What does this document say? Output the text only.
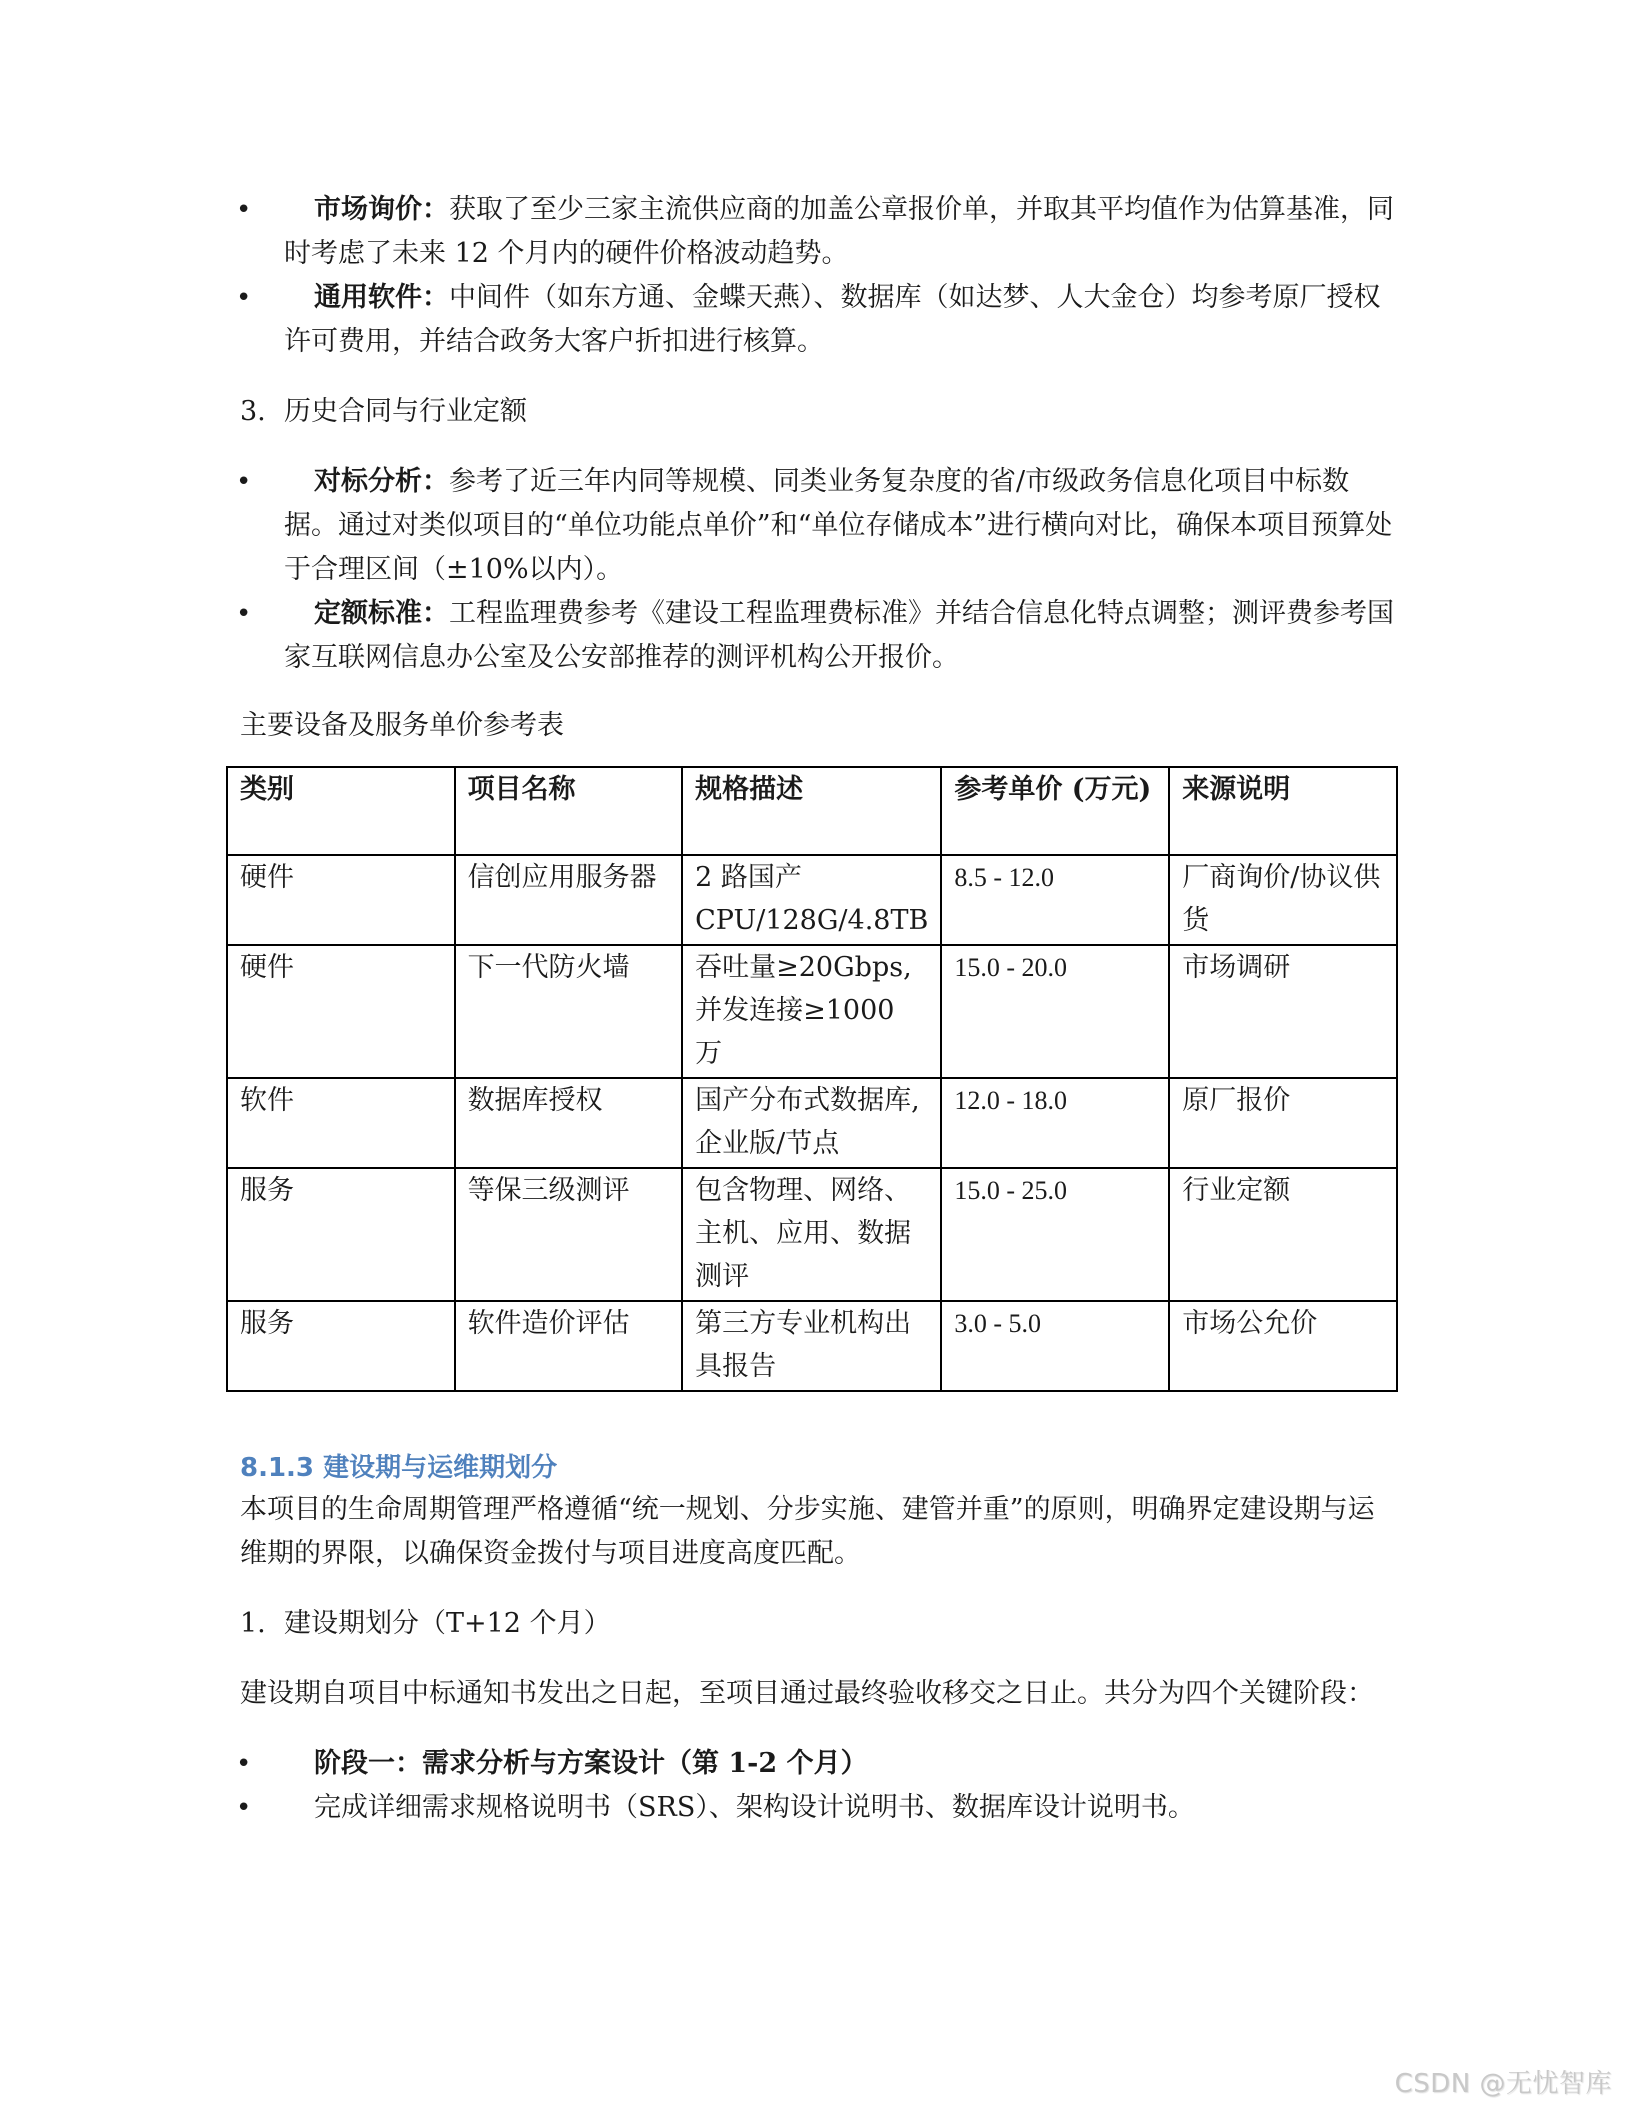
•	市场询价：获取了至少三家主流供应商的加盖公章报价单，并取其平均值作为估算基准，同时考虑了未来 12 个月内的硬件价格波动趋势。

•	通用软件：中间件（如东方通、金蝶天燕）、数据库（如达梦、人大金仓）均参考原厂授权许可费用，并结合政务大客户折扣进行核算。

3. 历史合同与行业定额

•	对标分析：参考了近三年内同等规模、同类业务复杂度的省/市级政务信息化项目中标数据。通过对类似项目的“单位功能点单价”和“单位存储成本”进行横向对比，确保本项目预算处于合理区间（±10%以内）。

•	定额标准：工程监理费参考《建设工程监理费标准》并结合信息化特点调整；测评费参考国家互联网信息办公室及公安部推荐的测评机构公开报价。

主要设备及服务单价参考表

类别	项目名称	规格描述	参考单价 (万元)	来源说明
硬件	信创应用服务器	2 路国产 CPU/128G/4.8TB	8.5 - 12.0	厂商询价/协议供货
硬件	下一代防火墙	吞吐量≥20Gbps, 并发连接≥1000 万	15.0 - 20.0	市场调研
软件	数据库授权	国产分布式数据库, 企业版/节点	12.0 - 18.0	原厂报价
服务	等保三级测评	包含物理、网络、主机、应用、数据测评	15.0 - 25.0	行业定额
服务	软件造价评估	第三方专业机构出具报告	3.0 - 5.0	市场公允价
8.1.3 建设期与运维期划分

本项目的生命周期管理严格遵循“统一规划、分步实施、建管并重”的原则，明确界定建设期与运维期的界限，以确保资金拨付与项目进度高度匹配。

1. 建设期划分（T+12 个月）

建设期自项目中标通知书发出之日起，至项目通过最终验收移交之日止。共分为四个关键阶段：

•	阶段一：需求分析与方案设计（第 1-2 个月）

•	完成详细需求规格说明书（SRS）、架构设计说明书、数据库设计说明书。

CSDN @无忧智库
